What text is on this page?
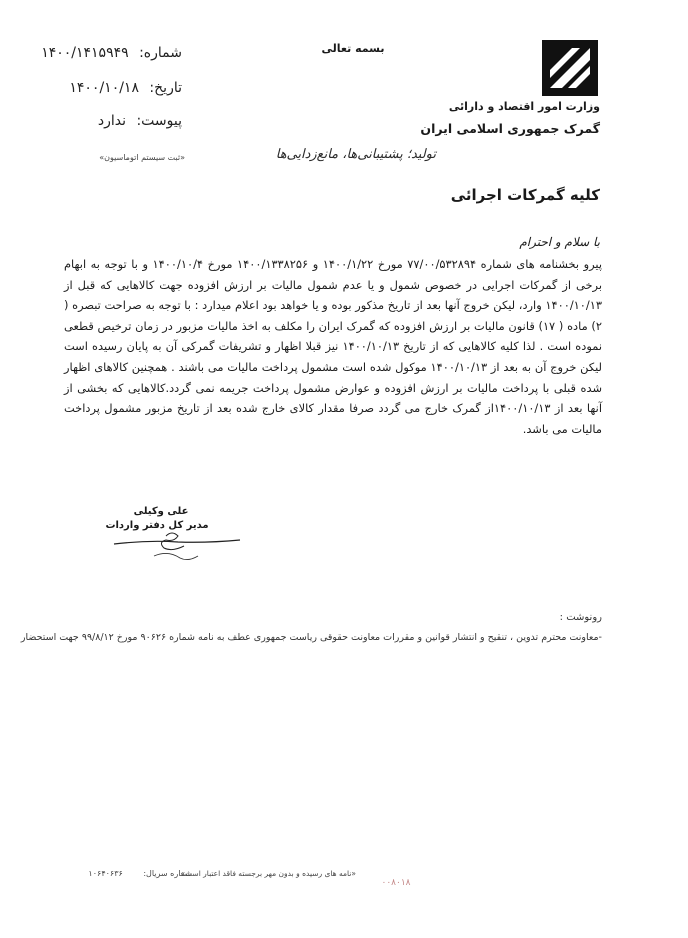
شماره: ۱۴۰۰/۱۴۱۵۹۴۹
تاریخ: ۱۴۰۰/۱۰/۱۸
پیوست: ندارد
«ثبت سیستم اتوماسیون»
بسمه تعالی
تولید؛ پشتیبانی‌ها، مانع‌زدایی‌ها
وزارت امور اقتصاد و دارائی
گمرک جمهوری اسلامی ایران
کلیه گمرکات اجرائی
با سلام و احترام
پیرو بخشنامه های شماره ۷۷/۰۰/۵۳۲۸۹۴ مورخ ۱۴۰۰/۱/۲۲ و ۱۴۰۰/۱۳۳۸۲۵۶ مورخ ۱۴۰۰/۱۰/۴ و با توجه به ابهام برخی از گمرکات اجرایی در خصوص شمول و یا عدم شمول مالیات بر ارزش افزوده جهت کالاهایی که قبل از ۱۴۰۰/۱۰/۱۳ وارد، لیکن خروج آنها بعد از تاریخ مذکور بوده و یا خواهد بود اعلام میدارد : با توجه به صراحت تبصره ( ۲) ماده ( ۱۷) قانون مالیات بر ارزش افزوده که گمرک ایران را مکلف به اخذ مالیات مزبور در زمان ترخیص قطعی نموده است . لذا کلیه کالاهایی که از تاریخ ۱۴۰۰/۱۰/۱۳ نیز قبلا اظهار و تشریفات گمرکی آن به پایان رسیده است لیکن خروج آن به بعد از ۱۴۰۰/۱۰/۱۳ موکول شده است مشمول پرداخت مالیات می باشند . همچنین کالاهای اظهار شده قبلی با پرداخت مالیات بر ارزش افزوده و عوارض مشمول پرداخت جریمه نمی گردد.کالاهایی که بخشی از آنها بعد از ۱۴۰۰/۱۰/۱۳از گمرک خارج می گردد صرفا مقدار کالای خارج شده بعد از تاریخ مزبور مشمول پرداخت مالیات می باشد.
علی وکیلی
مدیر کل دفتر واردات
رونوشت :
-معاونت محترم تدوین ، تنقیح و انتشار قوانین و مقررات معاونت حقوقی ریاست جمهوری عطف به نامه شماره ۹۰۶۲۶ مورخ ۹۹/۸/۱۲ جهت استحضار
۰۰۸۰۱۸
«نامه های رسیده و بدون مهر برجسته فاقد اعتبار است»
شماره سریال: ۱۰۶۴۰۶۳۶
